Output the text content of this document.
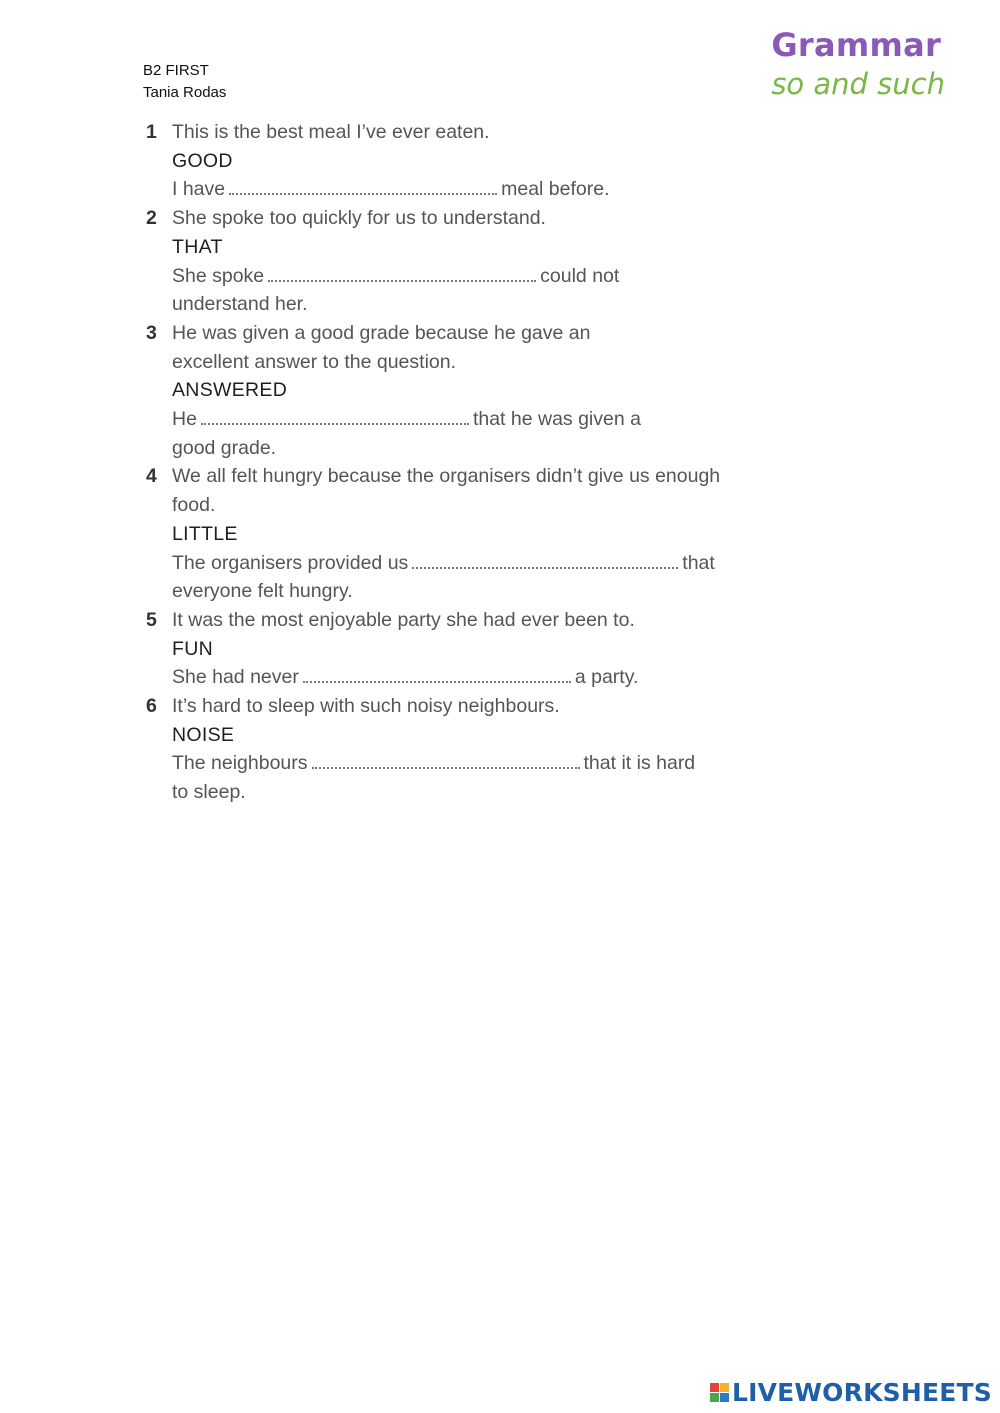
B2 FIRST
Tania Rodas
Grammar
so and such
1 This is the best meal I’ve ever eaten.
GOOD
I have	meal before.
2 She spoke too quickly for us to understand.
THAT
She spoke	could not understand her.
3 He was given a good grade because he gave an excellent answer to the question.
ANSWERED
He	that he was given a good grade.
4 We all felt hungry because the organisers didn’t give us enough food.
LITTLE
The organisers provided us	that everyone felt hungry.
5 It was the most enjoyable party she had ever been to.
FUN
She had never	a party.
6 It’s hard to sleep with such noisy neighbours.
NOISE
The neighbours	that it is hard to sleep.
LIVEWORKSHEETS
